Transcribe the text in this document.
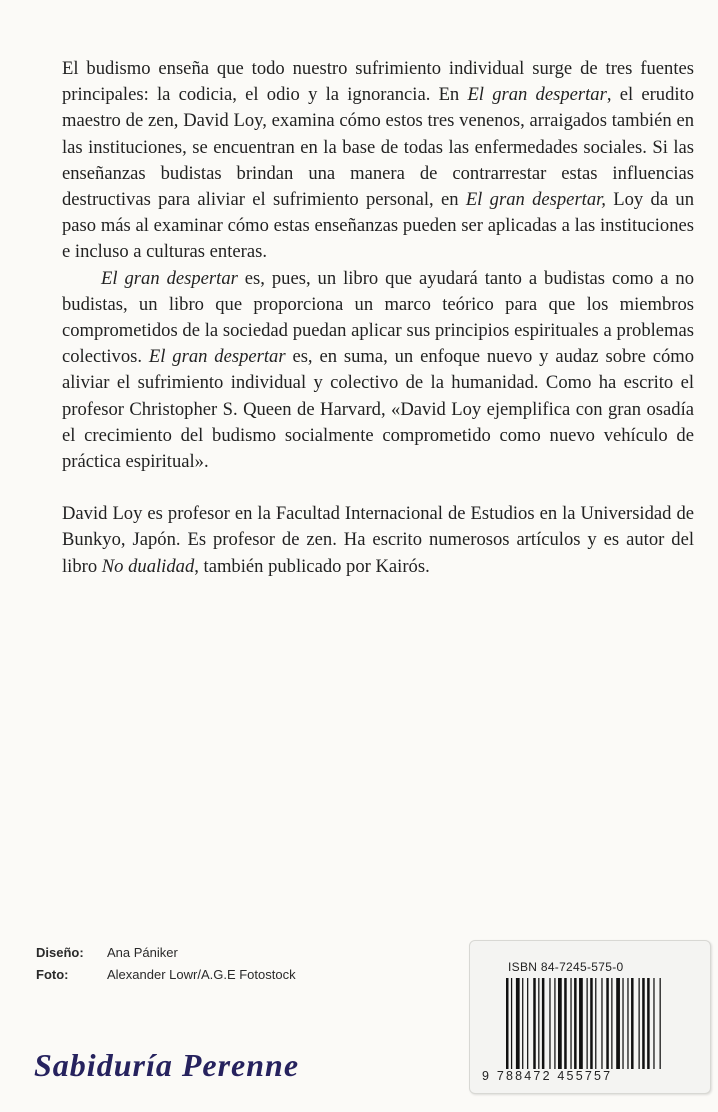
El budismo enseña que todo nuestro sufrimiento individual surge de tres fuentes principales: la codicia, el odio y la ignorancia. En El gran despertar, el erudito maestro de zen, David Loy, examina cómo estos tres venenos, arraigados también en las instituciones, se encuentran en la base de todas las enfermedades sociales. Si las enseñanzas budistas brindan una manera de contrarrestar estas influencias destructivas para aliviar el sufrimiento personal, en El gran despertar, Loy da un paso más al examinar cómo estas enseñanzas pueden ser aplicadas a las instituciones e incluso a culturas enteras.

El gran despertar es, pues, un libro que ayudará tanto a budistas como a no budistas, un libro que proporciona un marco teórico para que los miembros comprometidos de la sociedad puedan aplicar sus principios espirituales a problemas colectivos. El gran despertar es, en suma, un enfoque nuevo y audaz sobre cómo aliviar el sufrimiento individual y colectivo de la humanidad. Como ha escrito el profesor Christopher S. Queen de Harvard, «David Loy ejemplifica con gran osadía el crecimiento del budismo socialmente comprometido como nuevo vehículo de práctica espiritual».

David Loy es profesor en la Facultad Internacional de Estudios en la Universidad de Bunkyo, Japón. Es profesor de zen. Ha escrito numerosos artículos y es autor del libro No dualidad, también publicado por Kairós.

Diseño:	Ana Pániker
Foto:	Alexander Lowr/A.G.E Fotostock
Sabiduría Perenne
ISBN 84-7245-575-0
9 788472 455757
